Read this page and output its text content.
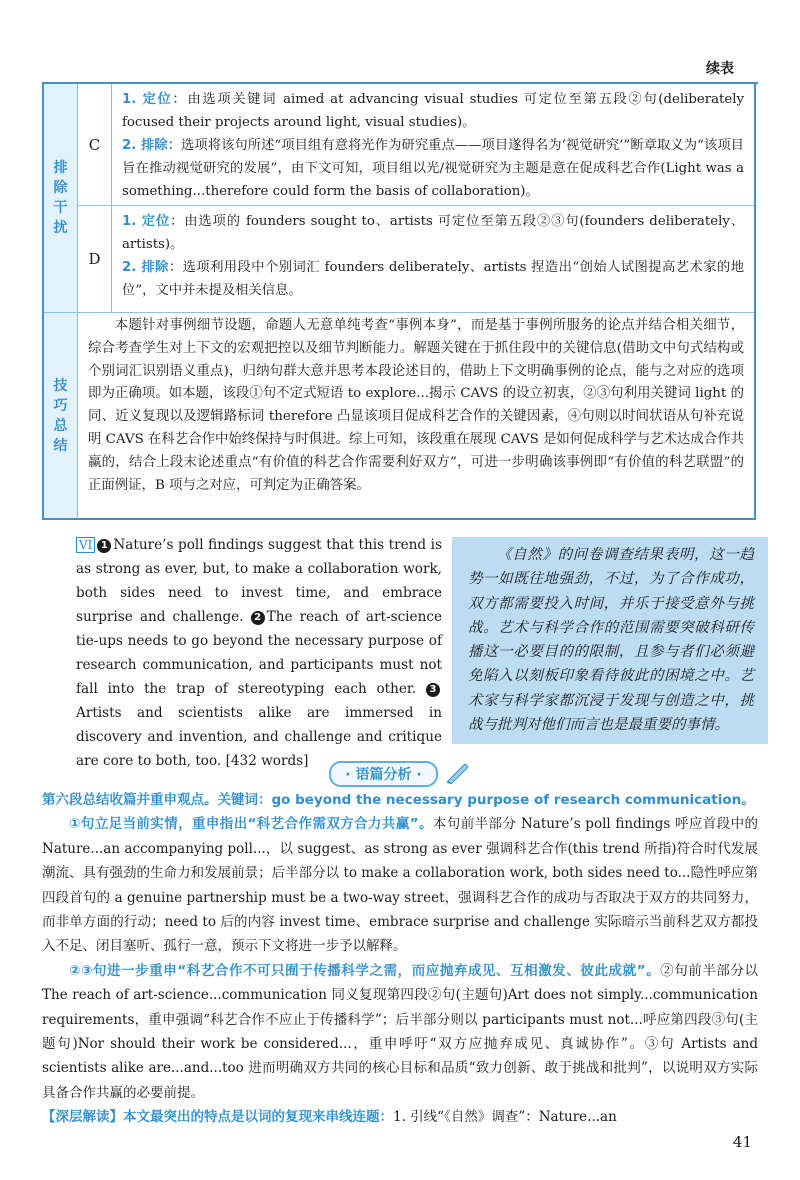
续表
排除干扰
技巧总结
C

1. 定位：由选项关键词 aimed at advancing visual studies 可定位至第五段②句(deliberately focused their projects around light, visual studies)。

2. 排除：选项将该句所述“项目组有意将光作为研究重点——项目遂得名为‘视觉研究’”断章取义为“该项目旨在推动视觉研究的发展”，由下文可知，项目组以光/视觉研究为主题是意在促成科艺合作(Light was a something...therefore could form the basis of collaboration)。

D

1. 定位：由选项的 founders sought to、artists 可定位至第五段②③句(founders deliberately、artists)。

2. 排除：选项利用段中个别词汇 founders deliberately、artists 捏造出“创始人试图提高艺术家的地位”，文中并未提及相关信息。

本题针对事例细节设题，命题人无意单纯考查“事例本身”，而是基于事例所服务的论点并结合相关细节，综合考查学生对上下文的宏观把控以及细节判断能力。解题关键在于抓住段中的关键信息(借助文中句式结构或个别词汇识别语义重点)，归纳句群大意并思考本段论述目的，借助上下文明确事例的论点，能与之对应的选项即为正确项。如本题，该段①句不定式短语 to explore...揭示 CAVS 的设立初衷，②③句利用关键词 light 的同、近义复现以及逻辑路标词 therefore 凸显该项目促成科艺合作的关键因素，④句则以时间状语从句补充说明 CAVS 在科艺合作中始终保持与时俱进。综上可知，该段重在展现 CAVS 是如何促成科学与艺术达成合作共赢的，结合上段末论述重点“有价值的科艺合作需要利好双方”，可进一步明确该事例即“有价值的科艺联盟”的正面例证，B 项与之对应，可判定为正确答案。

VI 1 Nature’s poll findings suggest that this trend is as strong as ever, but, to make a collaboration work, both sides need to invest time, and embrace surprise and challenge. 2 The reach of art-science tie-ups needs to go beyond the necessary purpose of research communication, and participants must not fall into the trap of stereotyping each other. 3Artists and scientists alike are immersed in discovery and invention, and challenge and critique are core to both, too. [432 words]

《自然》的问卷调查结果表明，这一趋势一如既往地强劲，不过，为了合作成功，双方都需要投入时间，并乐于接受意外与挑战。艺术与科学合作的范围需要突破科研传播这一必要目的的限制，且参与者们必须避免陷入以刻板印象看待彼此的困境之中。艺术家与科学家都沉浸于发现与创造之中，挑战与批判对他们而言也是最重要的事情。

· 语篇分析 ·

第六段总结收篇并重申观点。关键词：go beyond the necessary purpose of research communication。

①句立足当前实情，重申指出“科艺合作需双方合力共赢”。本句前半部分 Nature’s poll findings 呼应首段中的 Nature...an accompanying poll...，以 suggest、as strong as ever 强调科艺合作(this trend 所指)符合时代发展潮流、具有强劲的生命力和发展前景；后半部分以 to make a collaboration work, both sides need to...隐性呼应第四段首句的 a genuine partnership must be a two-way street，强调科艺合作的成功与否取决于双方的共同努力，而非单方面的行动；need to 后的内容 invest time、embrace surprise and challenge 实际暗示当前科艺双方都投入不足、闭目塞听、孤行一意，预示下文将进一步予以解释。

②③句进一步重申“科艺合作不可只囿于传播科学之需，而应抛弃成见、互相激发、彼此成就”。②句前半部分以 The reach of art-science...communication 同义复现第四段②句(主题句)Art does not simply...communication requirements，重申强调“科艺合作不应止于传播科学”；后半部分则以 participants must not...呼应第四段③句(主题句)Nor should their work be considered...，重申呼吁“双方应抛弃成见、真诚协作”。③句 Artists and scientists alike are...and...too 进而明确双方共同的核心目标和品质“致力创新、敢于挑战和批判”，以说明双方实际具备合作共赢的必要前提。

【深层解读】本文最突出的特点是以词的复现来串线连题：1. 引线“《自然》调查”：Nature...an

41
